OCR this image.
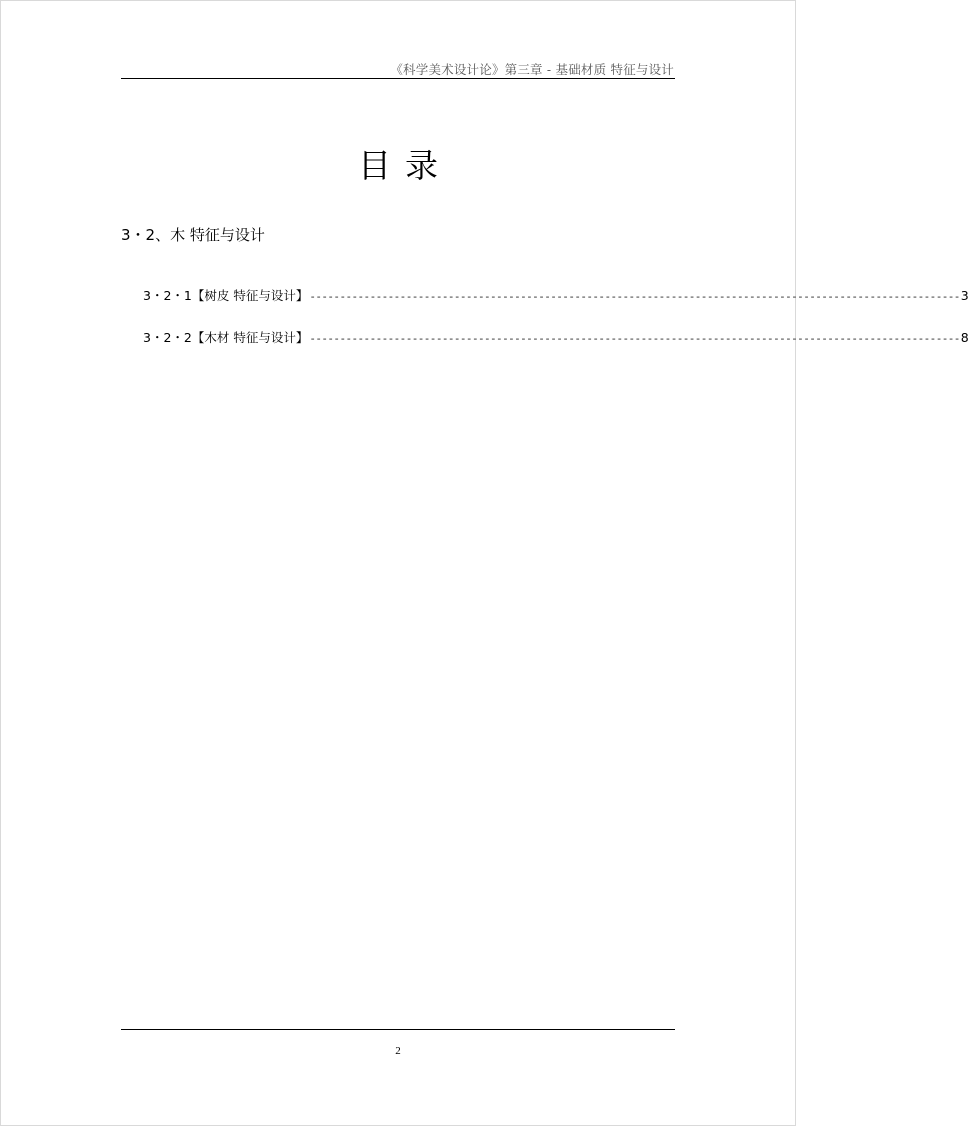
《科学美术设计论》第三章 - 基础材质 特征与设计
目录
3・2、木 特征与设计
3・2・1【树皮 特征与设计】 ------------------------------------------------------------------------------------------------------------ 3
3・2・2【木材 特征与设计】 ------------------------------------------------------------------------------------------------------------ 8
2
